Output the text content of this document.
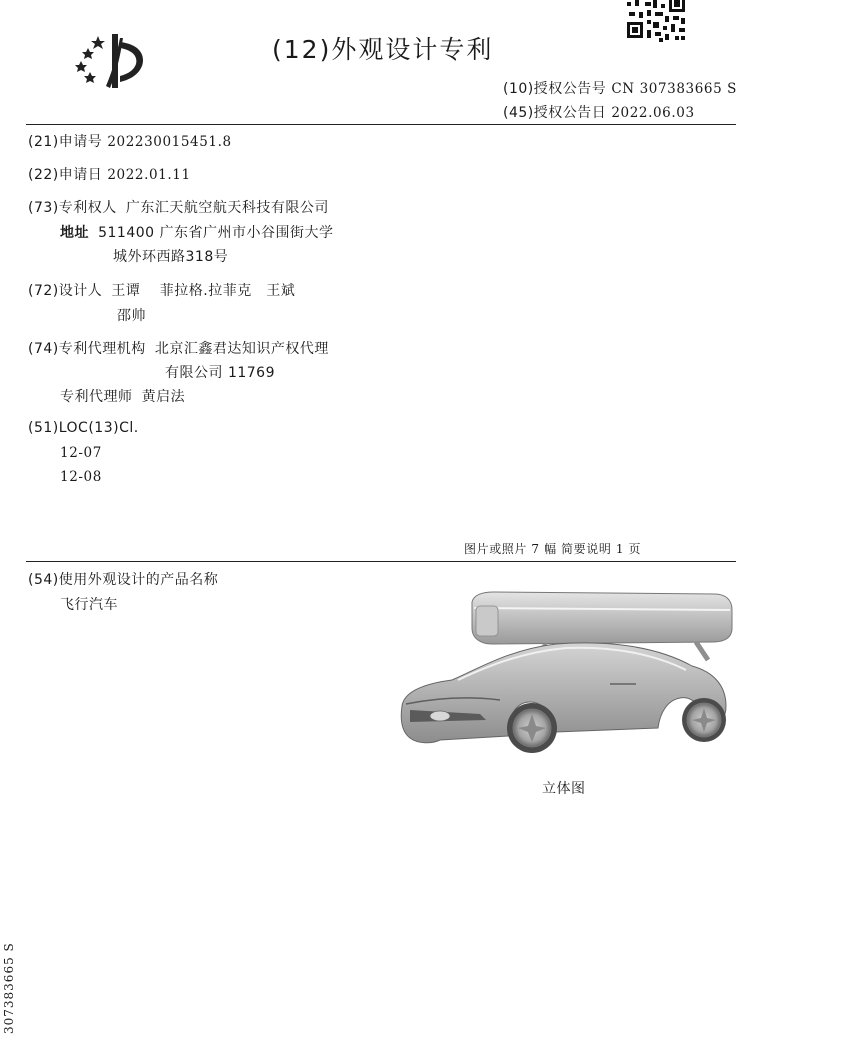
(12)外观设计专利
(10)授权公告号 CN 307383665 S
(45)授权公告日 2022.06.03
(21)申请号 202230015451.8
(22)申请日 2022.01.11
(73)专利权人 广东汇天航空航天科技有限公司
地址 511400 广东省广州市小谷围街大学
城外环西路318号
(72)设计人 王谭　 菲拉格.拉菲克　王斌
邵帅
(74)专利代理机构 北京汇鑫君达知识产权代理
有限公司 11769
专利代理师 黄启法
(51)LOC(13)Cl.
12-07
12-08
图片或照片 7 幅 简要说明 1 页
(54)使用外观设计的产品名称
飞行汽车
立体图
307383665 S
